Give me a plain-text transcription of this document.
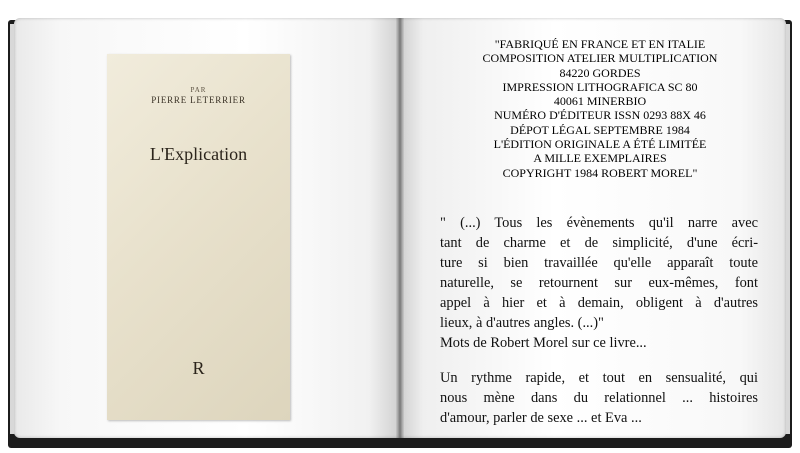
PAR
PIERRE LETERRIER
L'Explication
R
"FABRIQUÉ EN FRANCE ET EN ITALIE
COMPOSITION ATELIER MULTIPLICATION
84220 GORDES
IMPRESSION LITHOGRAFICA SC 80
40061 MINERBIO
NUMÉRO D'ÉDITEUR ISSN 0293 88X 46
DÉPOT LÉGAL SEPTEMBRE 1984
L'ÉDITION ORIGINALE A ÉTÉ LIMITÉE
A MILLE EXEMPLAIRES
COPYRIGHT 1984 ROBERT MOREL"
" (...) Tous les évènements qu'il narre avec
tant de charme et de simplicité, d'une écri-
ture si bien travaillée qu'elle apparaît toute
naturelle, se retournent sur eux-mêmes, font
appel à hier et à demain, obligent à d'autres
lieux, à d'autres angles. (...)"
Mots de Robert Morel sur ce livre...
Un rythme rapide, et tout en sensualité, qui
nous mène dans du relationnel ... histoires
d'amour, parler de sexe ... et Eva ...
